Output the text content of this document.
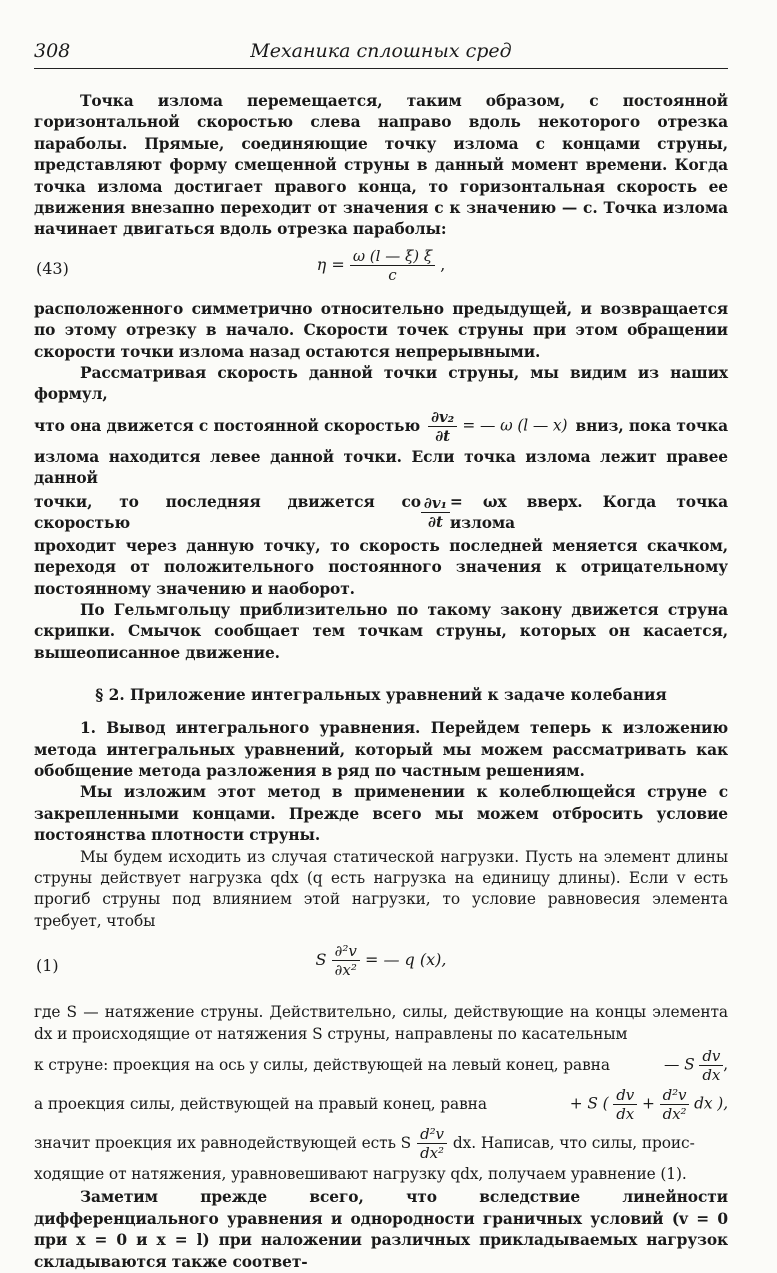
308	Механика сплошных сред

Точка излома перемещается, таким образом, с постоянной горизонтальной скоростью слева направо вдоль некоторого отрезка параболы. Прямые, соединяющие точку излома с концами струны, представляют форму смещенной струны в данный момент времени. Когда точка излома достигает правого конца, то горизонтальная скорость ее движения внезапно переходит от значения c к значению — c. Точка излома начинает двигаться вдоль отрезка параболы:

(43)	$\eta = \frac{\omega (l — \xi) \xi}{c}$ ,

расположенного симметрично относительно предыдущей, и возвращается по этому отрезку в начало. Скорости точек струны при этом обращении скорости точки излома назад остаются непрерывными.

Рассматривая скорость данной точки струны, мы видим из наших формул,

что она движется с постоянной скоростью $\frac{\text{∂v₂}}{\partial t}$ = — ω (l — x) вниз, пока точка

излома находится левее данной точки. Если точка излома лежит правее данной

точки, то последняя движется со скоростью	$\frac{\text{∂v₁}}{\partial t} = \omega x$ вверх. Когда точка излома

проходит через данную точку, то скорость последней меняется скачком, переходя от положительного постоянного значения к отрицательному постоянному значению и наоборот.

По Гельмгольцу приблизительно по такому закону движется струна скрипки. Смычок сообщает тем точкам струны, которых он касается, вышеописанное движение.

§ 2. Приложение интегральных уравнений к задаче колебания

1. Вывод интегрального уравнения. Перейдем теперь к изложению метода интегральных уравнений, который мы можем рассматривать как обобщение метода разложения в ряд по частным решениям.

Мы изложим этот метод в применении к колеблющейся струне с закрепленными концами. Прежде всего мы можем отбросить условие постоянства плотности струны.

Мы будем исходить из случая статической нагрузки. Пусть на элемент длины струны действует нагрузка qdx (q есть нагрузка на единицу длины). Если v есть прогиб струны под влиянием этой нагрузки, то условие равновесия элемента требует, чтобы

(1)	S $\frac{\text{∂²v}}{\text{∂x²}}$ = — q (x),

где S — натяжение струны. Действительно, силы, действующие на концы элемента dx и происходящие от натяжения S струны, направлены по касательным

к струне: проекция на ось y силы, действующей на левый конец, равна	— S $\frac{dv}{dx}$ ,
а проекция силы, действующей на правый конец, равна	+ S ( $\frac{dv}{dx} + \frac{\text{d²v}}{\text{dx²}}$ dx ),
значит проекция их равнодействующей есть S $\frac{\text{d²v}}{\text{dx²}}$ dx. Написав, что силы, проис-

ходящие от натяжения, уравновешивают нагрузку qdx, получаем уравнение (1).

Заметим прежде всего, что вследствие линейности дифференциального уравнения и однородности граничных условий (v = 0 при x = 0 и x = l) при наложении различных прикладываемых нагрузок складываются также соответ-
